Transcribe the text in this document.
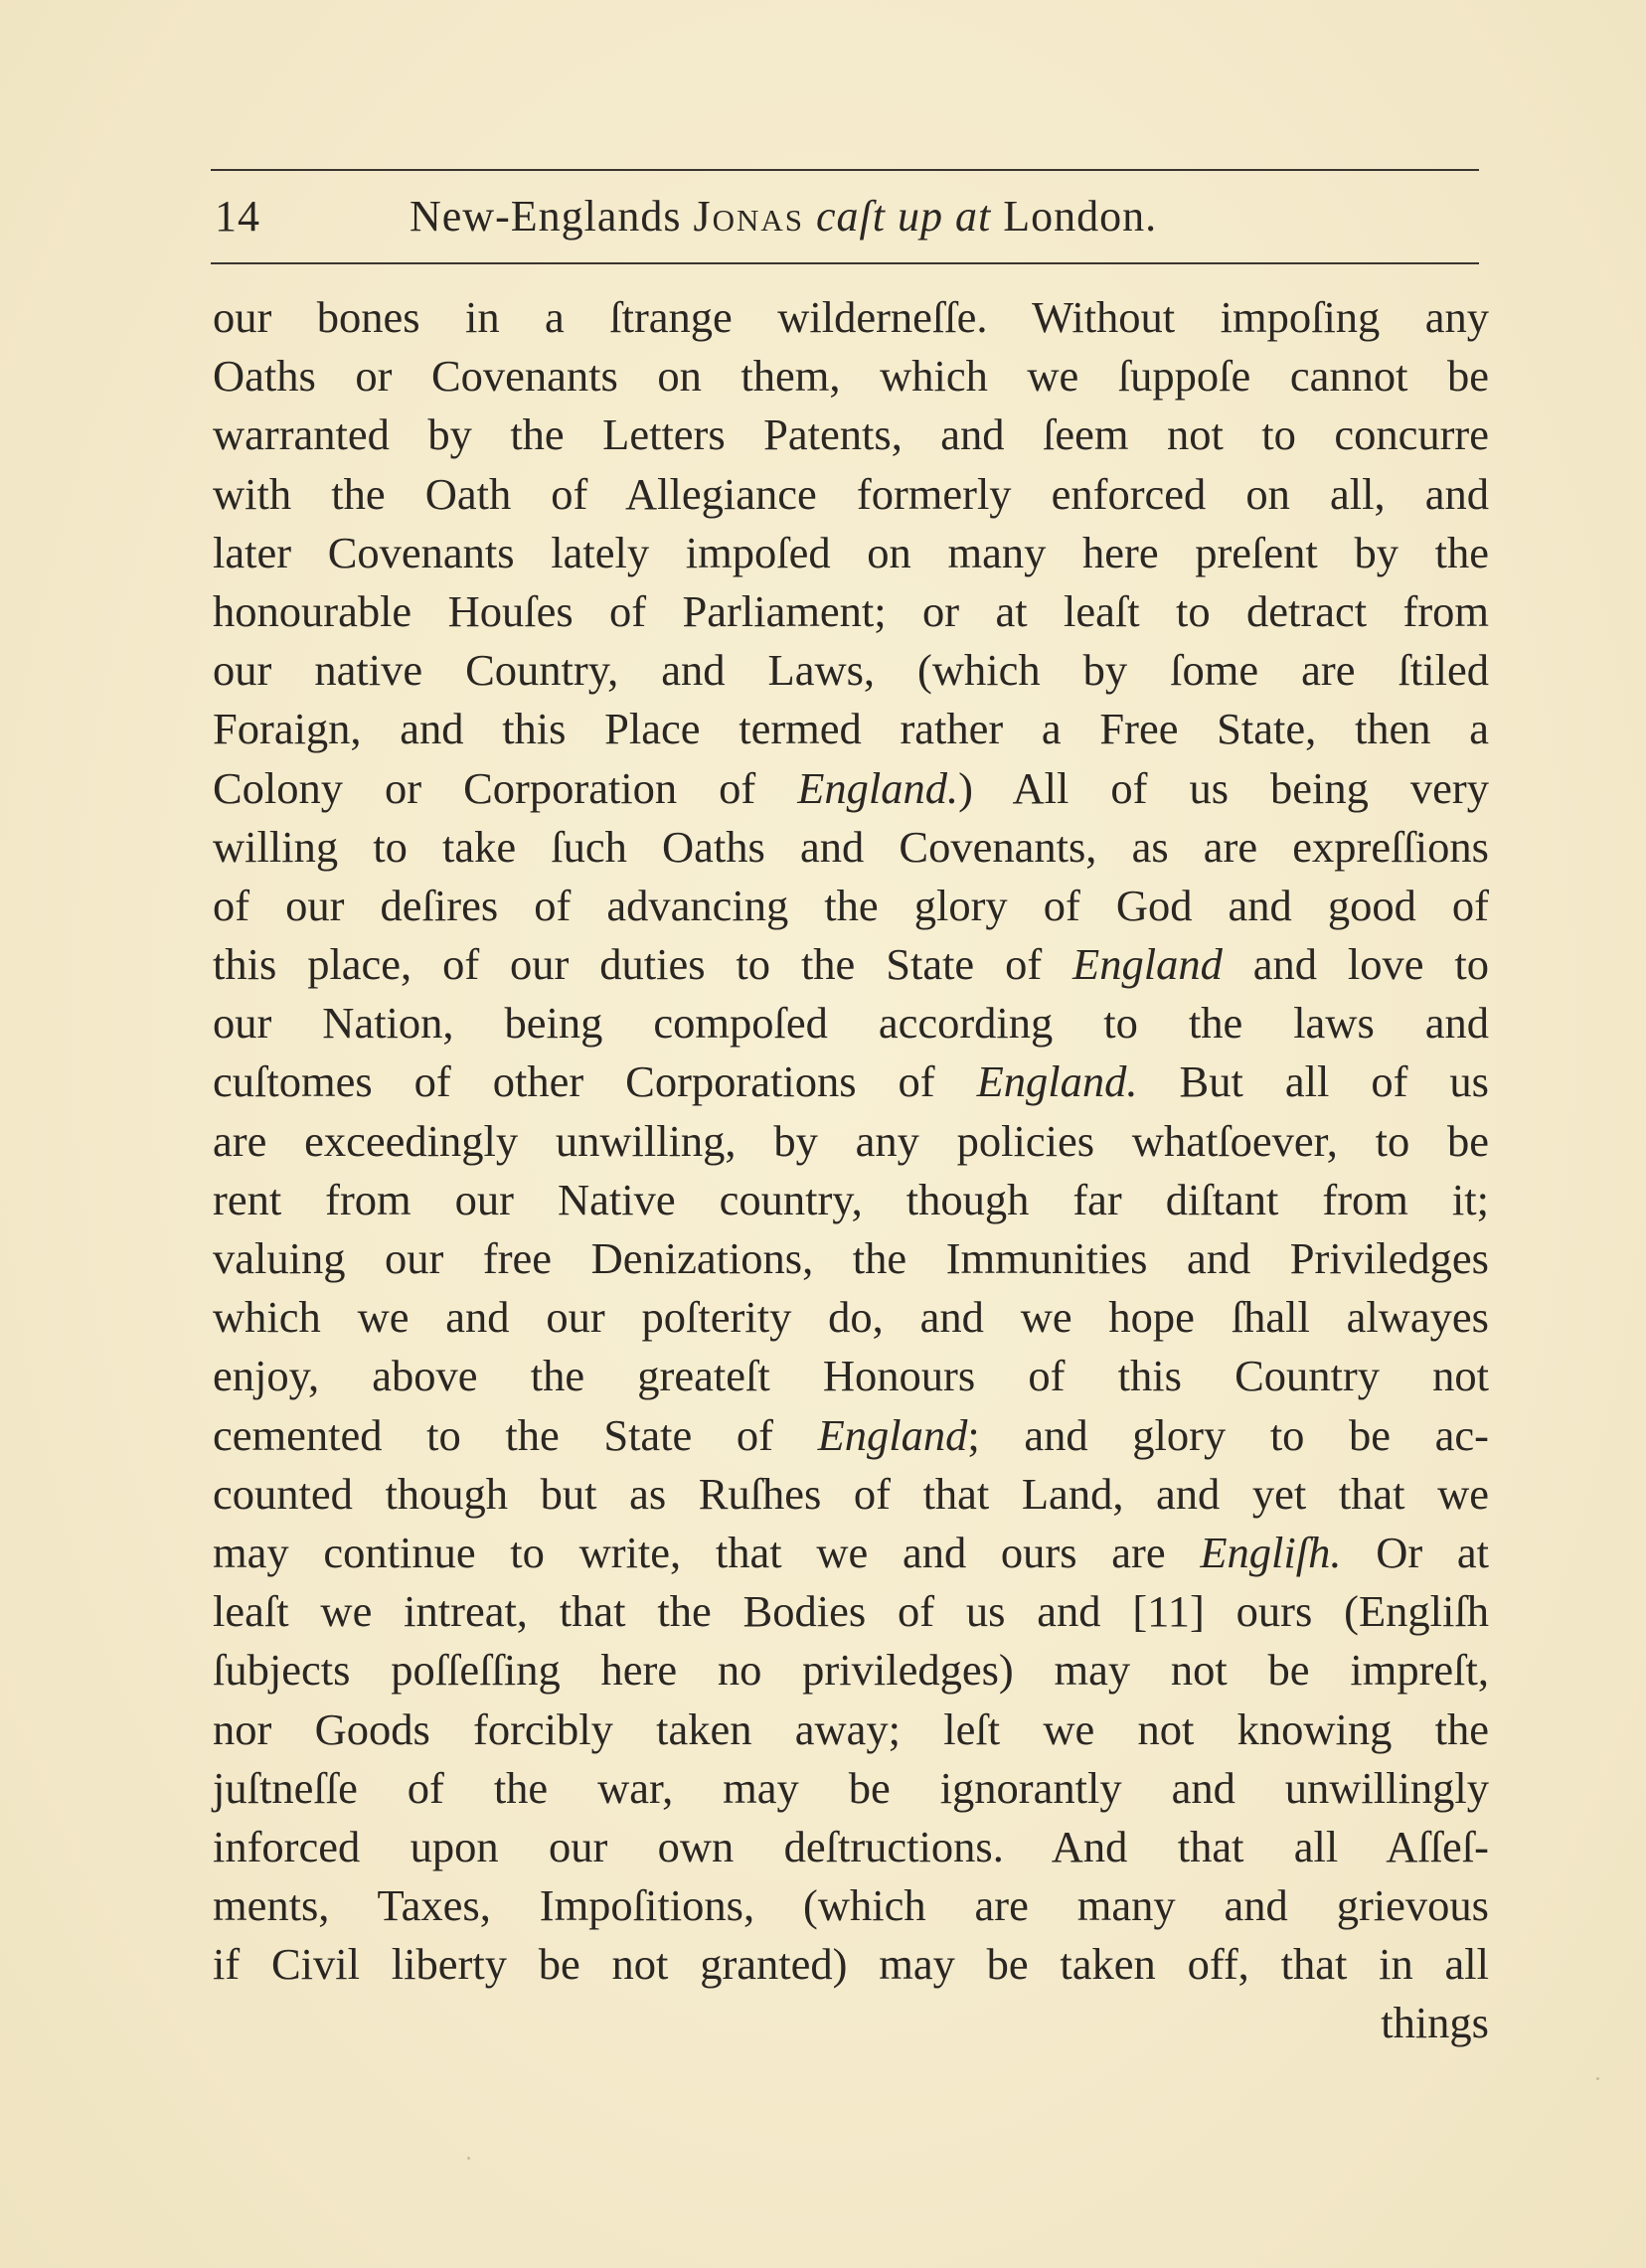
14	New-Englands Jonas caſt up at London.
our bones in a ſtrange wilderneſſe. Without impoſing any
Oaths or Covenants on them, which we ſuppoſe cannot be
warranted by the Letters Patents, and ſeem not to concurre
with the Oath of Allegiance formerly enforced on all, and
later Covenants lately impoſed on many here preſent by the
honourable Houſes of Parliament; or at leaſt to detract from
our native Country, and Laws, (which by ſome are ſtiled
Foraign, and this Place termed rather a Free State, then a
Colony or Corporation of England.) All of us being very
willing to take ſuch Oaths and Covenants, as are expreſſions
of our deſires of advancing the glory of God and good of
this place, of our duties to the State of England and love to
our Nation, being compoſed according to the laws and
cuſtomes of other Corporations of England. But all of us
are exceedingly unwilling, by any policies whatſoever, to be
rent from our Native country, though far diſtant from it;
valuing our free Denizations, the Immunities and Priviledges
which we and our poſterity do, and we hope ſhall alwayes
enjoy, above the greateſt Honours of this Country not
cemented to the State of England; and glory to be ac-
counted though but as Ruſhes of that Land, and yet that we
may continue to write, that we and ours are Engliſh. Or at
leaſt we intreat, that the Bodies of us and [11] ours (Engliſh
ſubjects poſſeſſing here no priviledges) may not be impreſt,
nor Goods forcibly taken away; leſt we not knowing the
juſtneſſe of the war, may be ignorantly and unwillingly
inforced upon our own deſtructions. And that all Aſſeſ-
ments, Taxes, Impoſitions, (which are many and grievous
if Civil liberty be not granted) may be taken off, that in all
things
